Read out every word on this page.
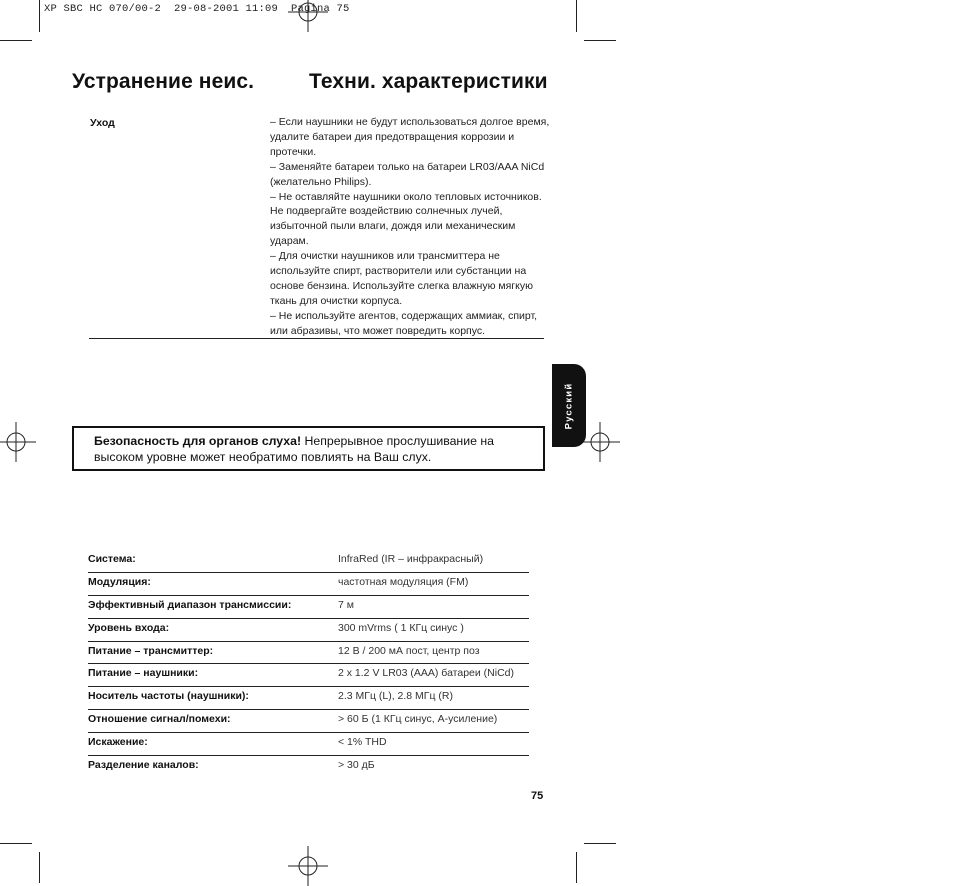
XP SBC HC 070/00-2  29-08-2001 11:09  Pagina 75
Устранение неис.	Техни. характеристики
Уход	– Если наушники не будут использоваться долгое время, удалите батареи дия предотвращения коррозии и протечки.

– Заменяйте батареи только на батареи LR03/AAA NiCd (желательно Philips).

– Не оставляйте наушники около тепловых источников. Не подвергайте воздействию солнечных лучей, избыточной пыли влаги, дождя или механическим ударам.

– Для очистки наушников или трансмиттера не используйте спирт, растворители или субстанции на основе бензина. Используйте слегка влажную мягкую ткань для очистки корпуса.

– Не используйте агентов, содержащих аммиак, спирт, или абразивы, что может повредить корпус.

Русский
Безопасность для органов слуха! Непрерывное прослушивание на высоком уровне может необратимо повлиять на Ваш слух.
Система:	InfraRed (IR – инфракрасный)
Модуляция:	частотная модуляция (FM)
Эффективный диапазон трансмиссии:	7 м
Уровень входа:	300 mVrms ( 1 КГц синус )
Питание – трансмиттер:	12 В / 200 мА пост, центр поз
Питание – наушники:	2 x 1.2 V LR03 (AAA) батареи (NiCd)
Носитель частоты (наушники):	2.3 МГц (L), 2.8 МГц (R)
Отношение сигнал/помехи:	> 60 Б (1 КГц синус, A-усиление)
Искажение:	< 1% THD
Разделение каналов:	> 30 дБ
75
